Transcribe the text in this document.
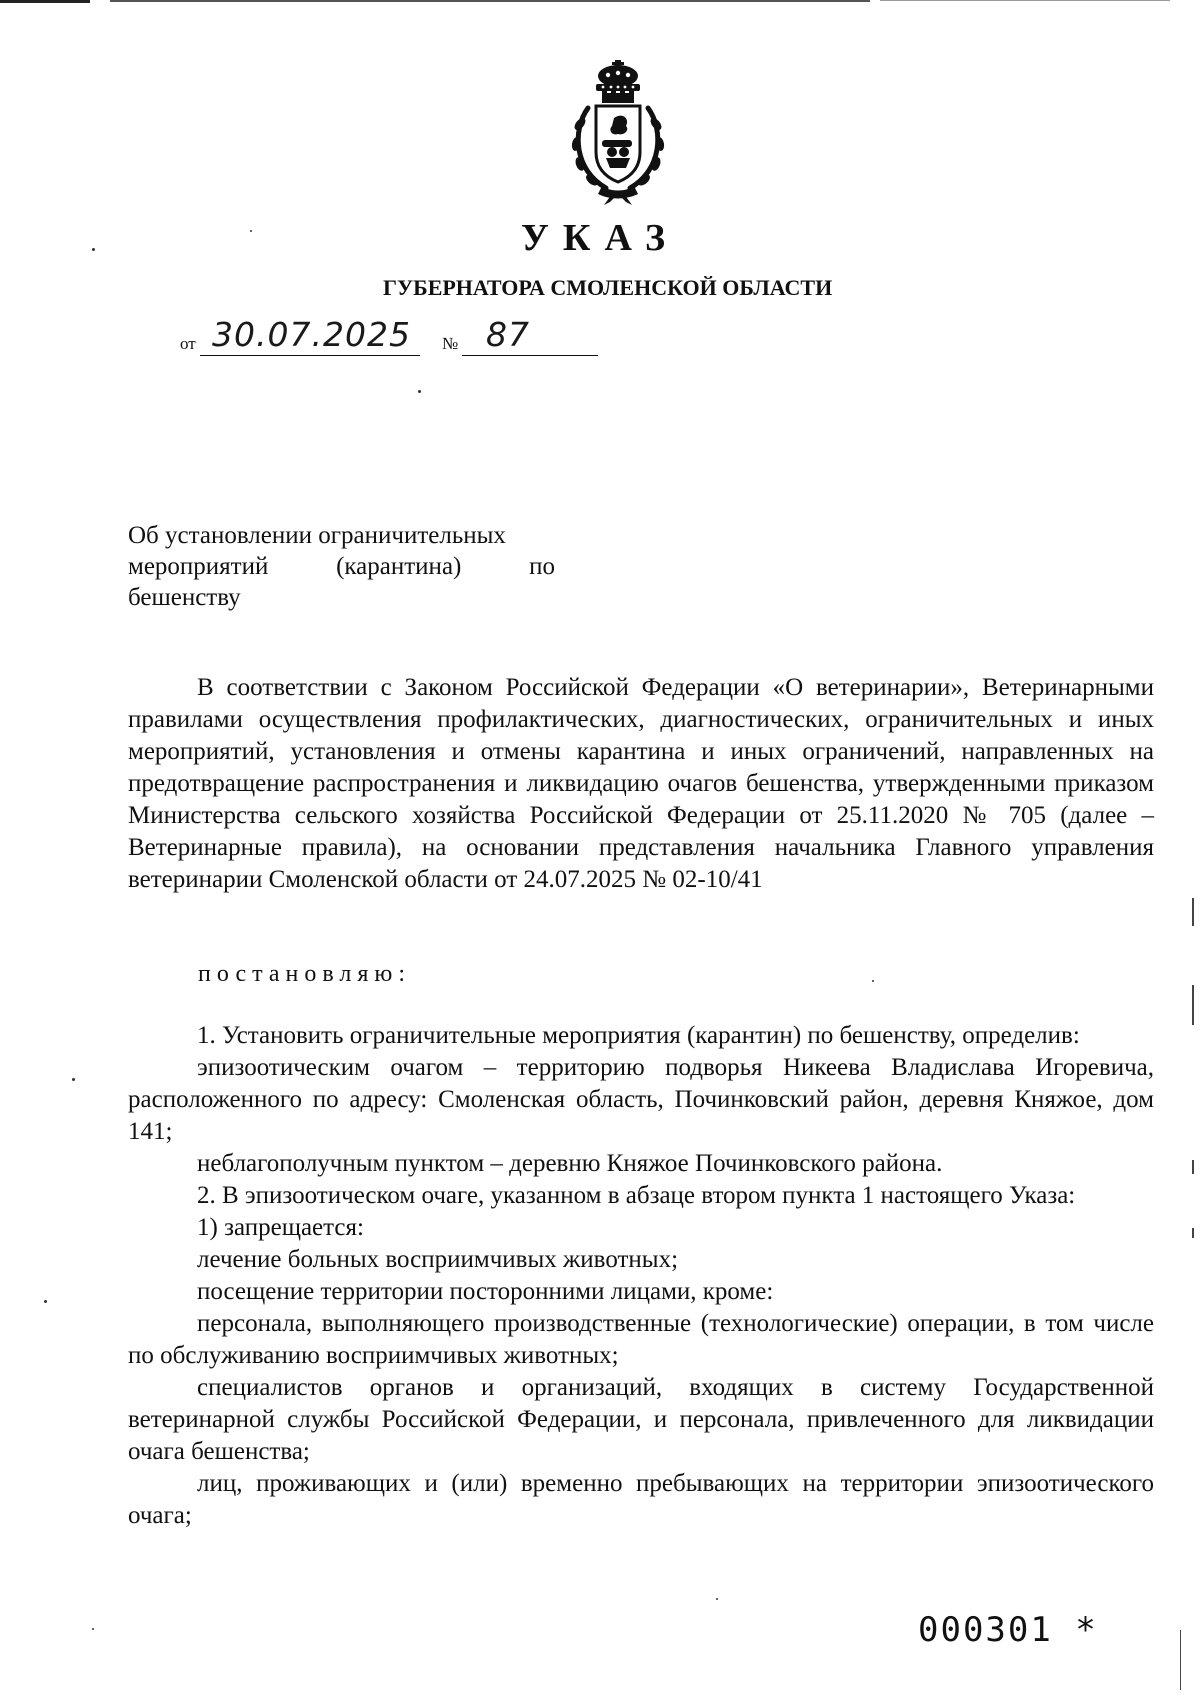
УКАЗ
ГУБЕРНАТОРА СМОЛЕНСКОЙ ОБЛАСТИ
от 30.07.2025 № 87
Об установлении ограничительных
мероприятий	(карантина)	по
бешенству

В соответствии с Законом Российской Федерации «О ветеринарии», Ветеринарными правилами осуществления профилактических, диагностических, ограничительных и иных мероприятий, установления и отмены карантина и иных ограничений, направленных на предотвращение распространения и ликвидацию очагов бешенства, утвержденными приказом Министерства сельского хозяйства Российской Федерации от 25.11.2020 № 705 (далее – Ветеринарные правила), на основании представления начальника Главного управления ветеринарии Смоленской области от 24.07.2025 № 02-10/41

постановляю:

1. Установить ограничительные мероприятия (карантин) по бешенству, определив:

эпизоотическим очагом – территорию подворья Никеева Владислава Игоревича, расположенного по адресу: Смоленская область, Починковский район, деревня Княжое, дом 141;

неблагополучным пунктом – деревню Княжое Починковского района.

2. В эпизоотическом очаге, указанном в абзаце втором пункта 1 настоящего Указа:

1) запрещается:

лечение больных восприимчивых животных;

посещение территории посторонними лицами, кроме:

персонала, выполняющего производственные (технологические) операции, в том числе по обслуживанию восприимчивых животных;

специалистов органов и организаций, входящих в систему Государственной ветеринарной службы Российской Федерации, и персонала, привлеченного для ликвидации очага бешенства;

лиц, проживающих и (или) временно пребывающих на территории эпизоотического очага;

000301 *
